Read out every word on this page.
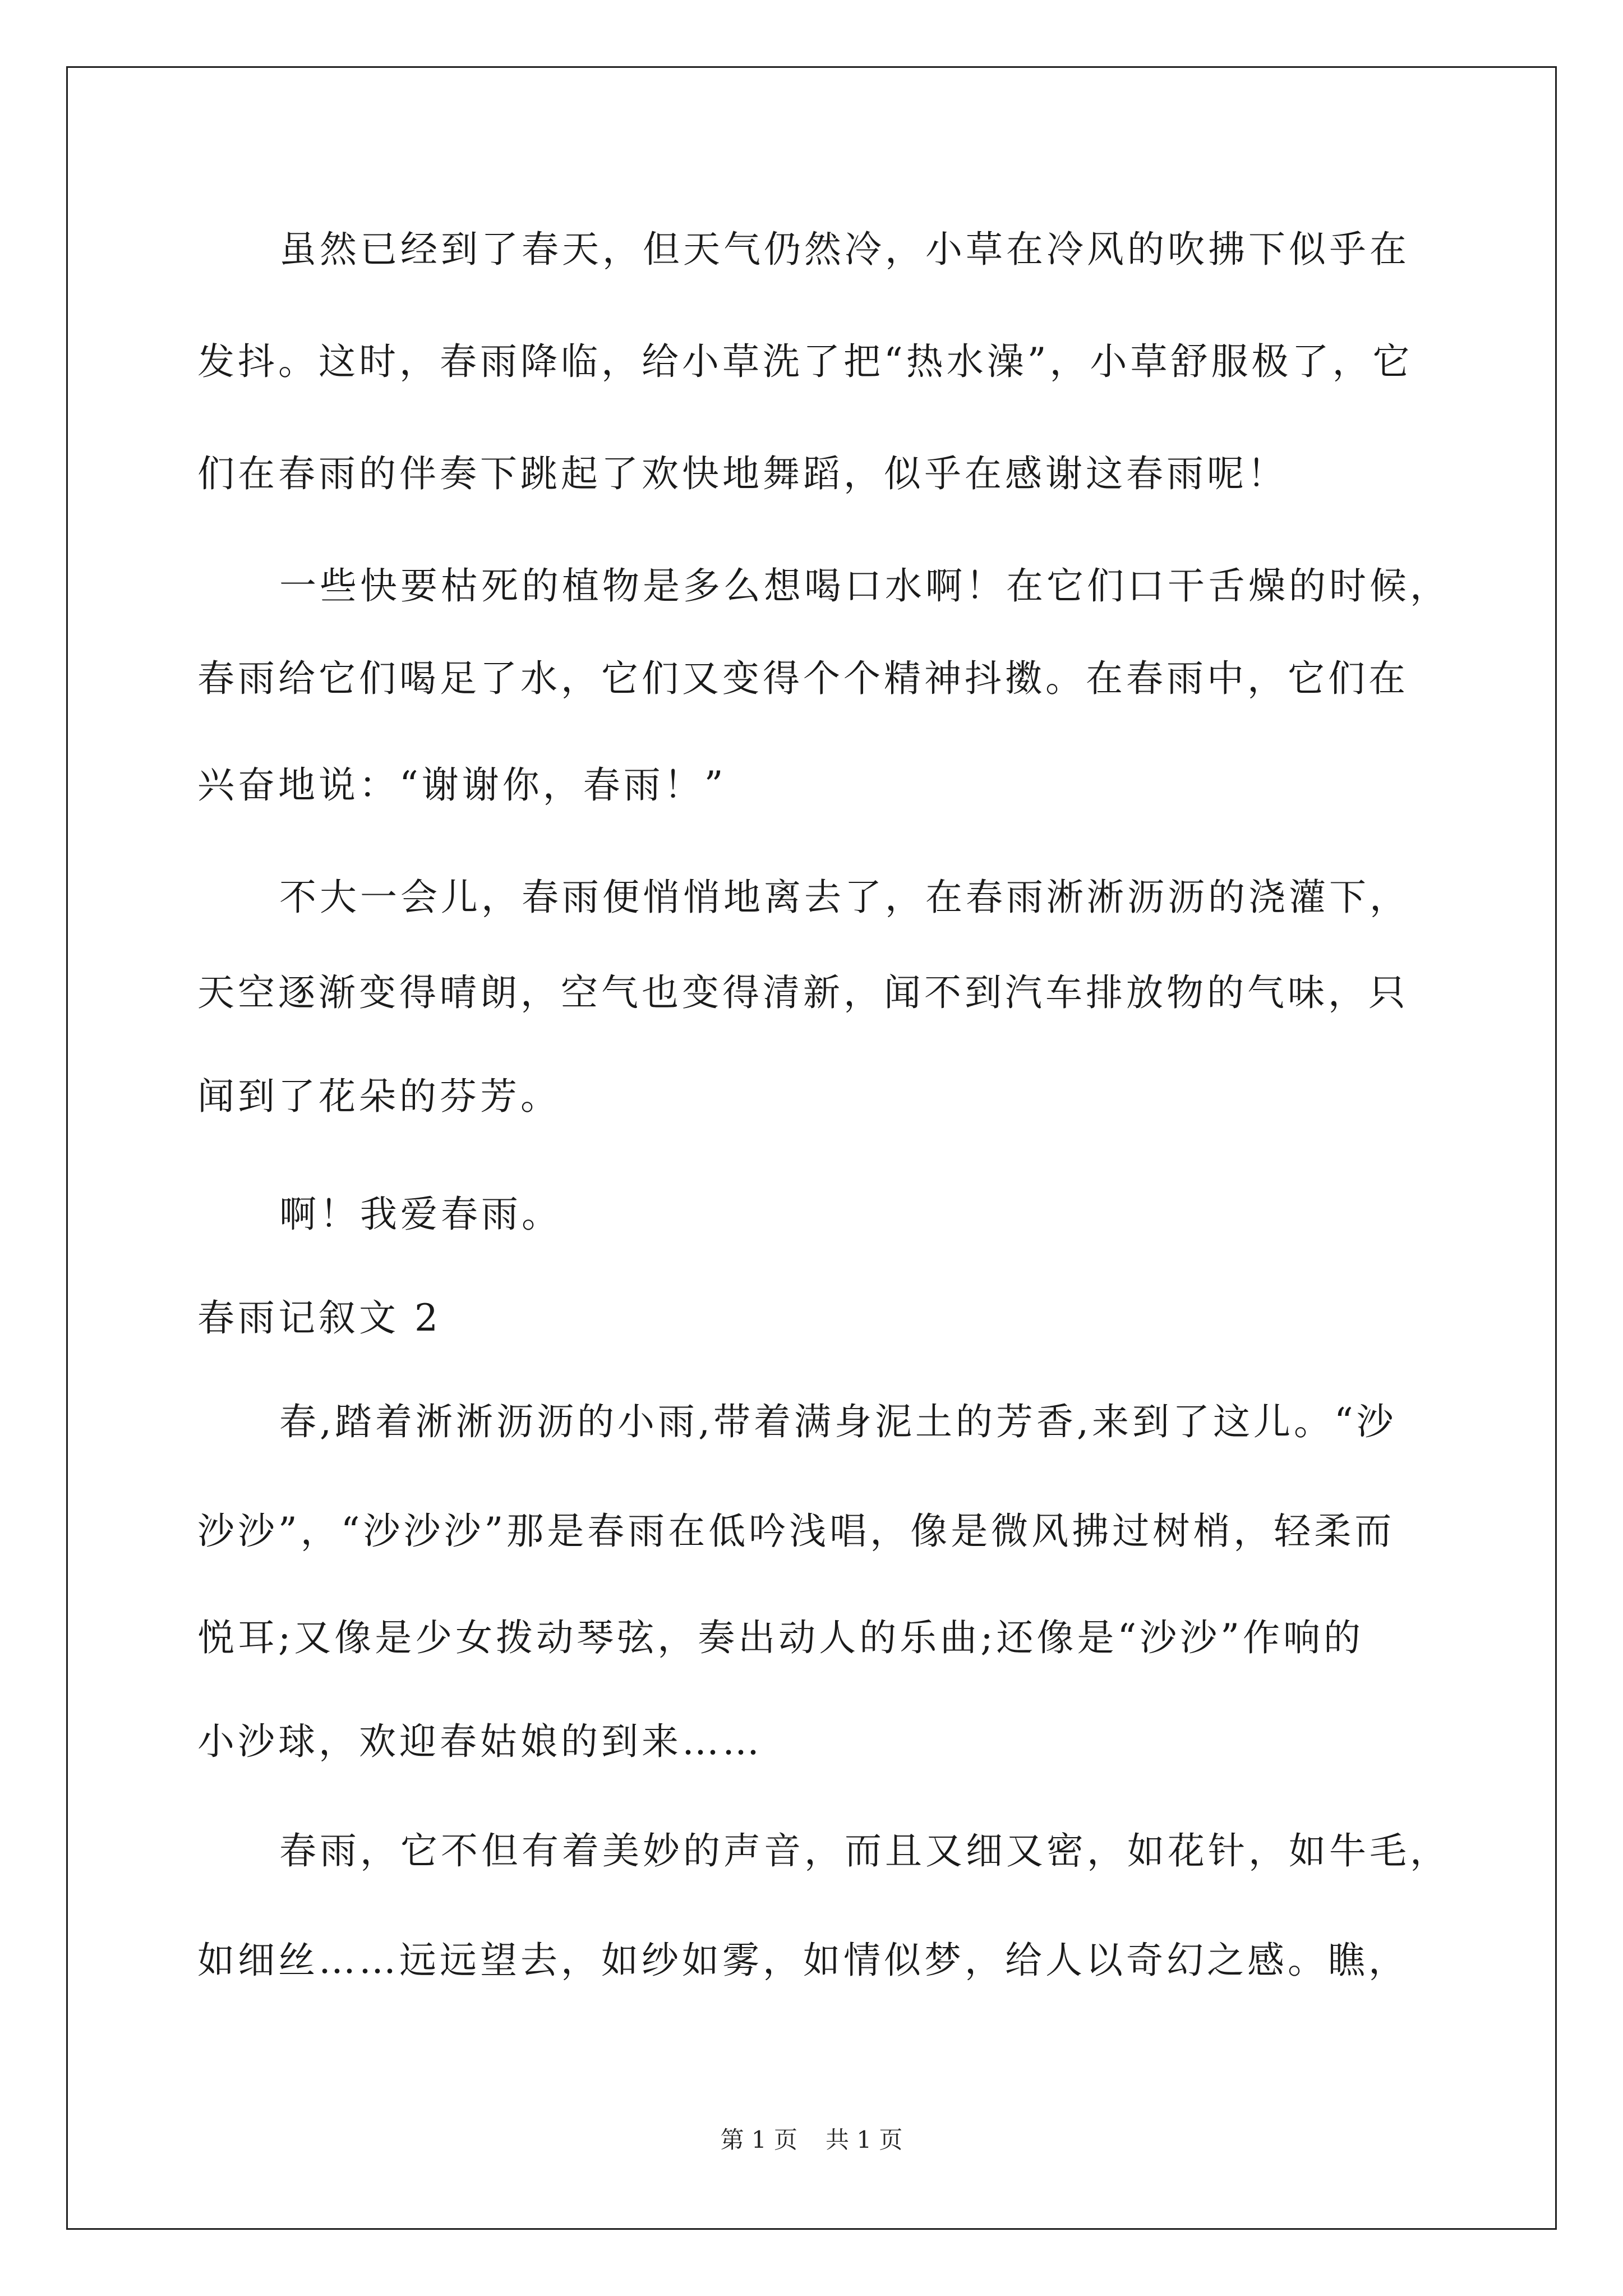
虽然已经到了春天，但天气仍然冷，小草在冷风的吹拂下似乎在
发抖。这时，春雨降临，给小草洗了把“热水澡”，小草舒服极了，它
们在春雨的伴奏下跳起了欢快地舞蹈，似乎在感谢这春雨呢！
一些快要枯死的植物是多么想喝口水啊！在它们口干舌燥的时候，
春雨给它们喝足了水，它们又变得个个精神抖擞。在春雨中，它们在
兴奋地说：“谢谢你，春雨！”
不大一会儿，春雨便悄悄地离去了，在春雨淅淅沥沥的浇灌下，
天空逐渐变得晴朗，空气也变得清新，闻不到汽车排放物的气味，只
闻到了花朵的芬芳。
啊！我爱春雨。
春雨记叙文 2
春,踏着淅淅沥沥的小雨,带着满身泥土的芳香,来到了这儿。“沙
沙沙”，“沙沙沙”那是春雨在低吟浅唱，像是微风拂过树梢，轻柔而
悦耳;又像是少女拨动琴弦，奏出动人的乐曲;还像是“沙沙”作响的
小沙球，欢迎春姑娘的到来……
春雨，它不但有着美妙的声音，而且又细又密，如花针，如牛毛，
如细丝……远远望去，如纱如雾，如情似梦，给人以奇幻之感。瞧，
第 1 页 共 1 页
